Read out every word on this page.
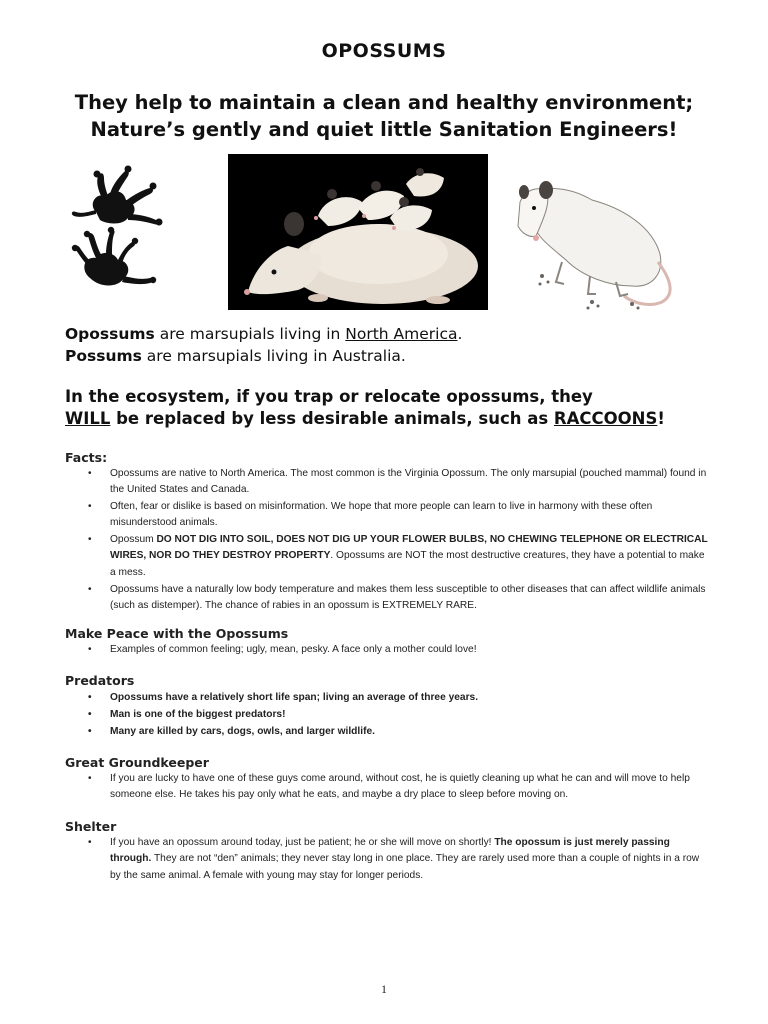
OPOSSUMS
They help to maintain a clean and healthy environment;
Nature’s gently and quiet little Sanitation Engineers!
Opossums are marsupials living in North America.
Possums are marsupials living in Australia.
In the ecosystem, if you trap or relocate opossums, they
WILL be replaced by less desirable animals, such as RACCOONS!
Facts:
• Opossums are native to North America. The most common is the Virginia Opossum. The only marsupial (pouched mammal) found in the United States and Canada.
• Often, fear or dislike is based on misinformation. We hope that more people can learn to live in harmony with these often misunderstood animals.
• Opossum DO NOT DIG INTO SOIL, DOES NOT DIG UP YOUR FLOWER BULBS, NO CHEWING TELEPHONE OR ELECTRICAL WIRES, NOR DO THEY DESTROY PROPERTY. Opossums are NOT the most destructive creatures, they have a potential to make a mess.
• Opossums have a naturally low body temperature and makes them less susceptible to other diseases that can affect wildlife animals (such as distemper). The chance of rabies in an opossum is EXTREMELY RARE.
Make Peace with the Opossums
• Examples of common feeling; ugly, mean, pesky. A face only a mother could love!
Predators
• Opossums have a relatively short life span; living an average of three years.
• Man is one of the biggest predators!
• Many are killed by cars, dogs, owls, and larger wildlife.
Great Groundkeeper
• If you are lucky to have one of these guys come around, without cost, he is quietly cleaning up what he can and will move to help someone else. He takes his pay only what he eats, and maybe a dry place to sleep before moving on.
Shelter
• If you have an opossum around today, just be patient; he or she will move on shortly! The opossum is just merely passing through. They are not “den” animals; they never stay long in one place. They are rarely used more than a couple of nights in a row by the same animal. A female with young may stay for longer periods.
1
